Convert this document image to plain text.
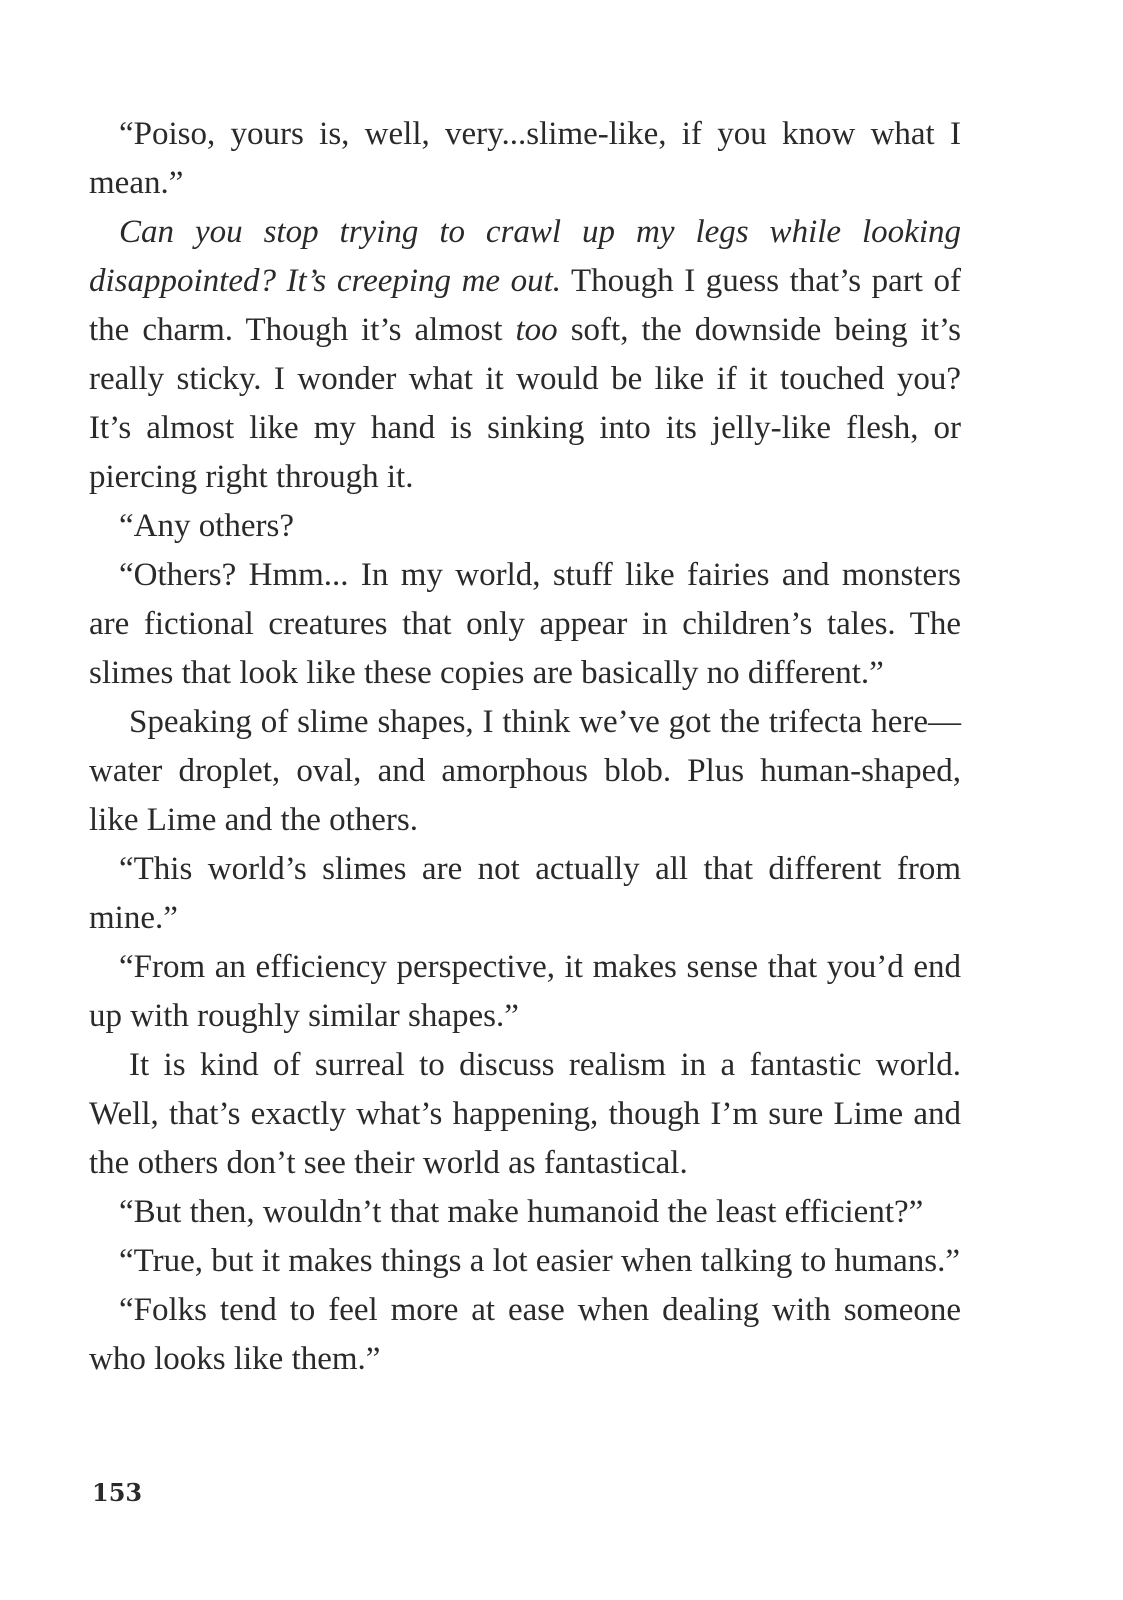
“Poiso, yours is, well, very...slime-like, if you know what I mean.”

Can you stop trying to crawl up my legs while looking disappointed? It’s creeping me out. Though I guess that’s part of the charm. Though it’s almost too soft, the downside being it’s really sticky. I wonder what it would be like if it touched you? It’s almost like my hand is sinking into its jelly-like flesh, or piercing right through it.

“Any others?

“Others? Hmm... In my world, stuff like fairies and monsters are fictional creatures that only appear in children’s tales. The slimes that look like these copies are basically no different.”

Speaking of slime shapes, I think we’ve got the trifecta here—water droplet, oval, and amorphous blob. Plus human-shaped, like Lime and the others.

“This world’s slimes are not actually all that different from mine.”

“From an efficiency perspective, it makes sense that you’d end up with roughly similar shapes.”

It is kind of surreal to discuss realism in a fantastic world. Well, that’s exactly what’s happening, though I’m sure Lime and the others don’t see their world as fantastical.

“But then, wouldn’t that make humanoid the least efficient?”

“True, but it makes things a lot easier when talking to humans.”

“Folks tend to feel more at ease when dealing with someone who looks like them.”

153
